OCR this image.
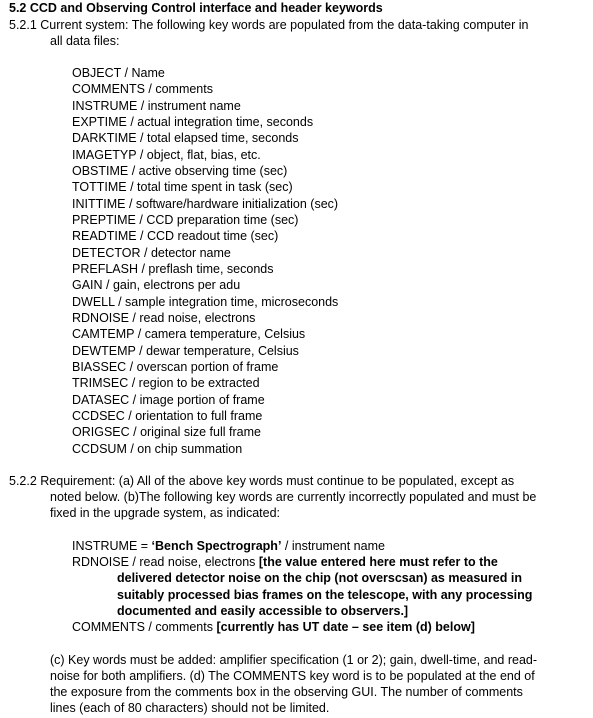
5.2 CCD and Observing Control interface and header keywords
5.2.1 Current system: The following key words are populated from the data-taking computer in
all data files:
OBJECT / Name
COMMENTS / comments
INSTRUME / instrument name
EXPTIME / actual integration time, seconds
DARKTIME / total elapsed time, seconds
IMAGETYP / object, flat, bias, etc.
OBSTIME / active observing time (sec)
TOTTIME / total time spent in task (sec)
INITTIME / software/hardware initialization (sec)
PREPTIME / CCD preparation time (sec)
READTIME / CCD readout time (sec)
DETECTOR / detector name
PREFLASH / preflash time, seconds
GAIN / gain, electrons per adu
DWELL / sample integration time, microseconds
RDNOISE / read noise, electrons
CAMTEMP / camera temperature, Celsius
DEWTEMP / dewar temperature, Celsius
BIASSEC / overscan portion of frame
TRIMSEC / region to be extracted
DATASEC / image portion of frame
CCDSEC / orientation to full frame
ORIGSEC / original size full frame
CCDSUM / on chip summation
5.2.2 Requirement: (a) All of the above key words must continue to be populated, except as
noted below. (b)The following key words are currently incorrectly populated and must be
fixed in the upgrade system, as indicated:
INSTRUME = ‘Bench Spectrograph’ / instrument name
RDNOISE / read noise, electrons [the value entered here must refer to the
delivered detector noise on the chip (not overscsan) as measured in
suitably processed bias frames on the telescope, with any processing
documented and easily accessible to observers.]
COMMENTS / comments [currently has UT date – see item (d) below]
(c) Key words must be added: amplifier specification (1 or 2); gain, dwell-time, and read-
noise for both amplifiers. (d) The COMMENTS key word is to be populated at the end of
the exposure from the comments box in the observing GUI. The number of comments
lines (each of 80 characters) should not be limited.
